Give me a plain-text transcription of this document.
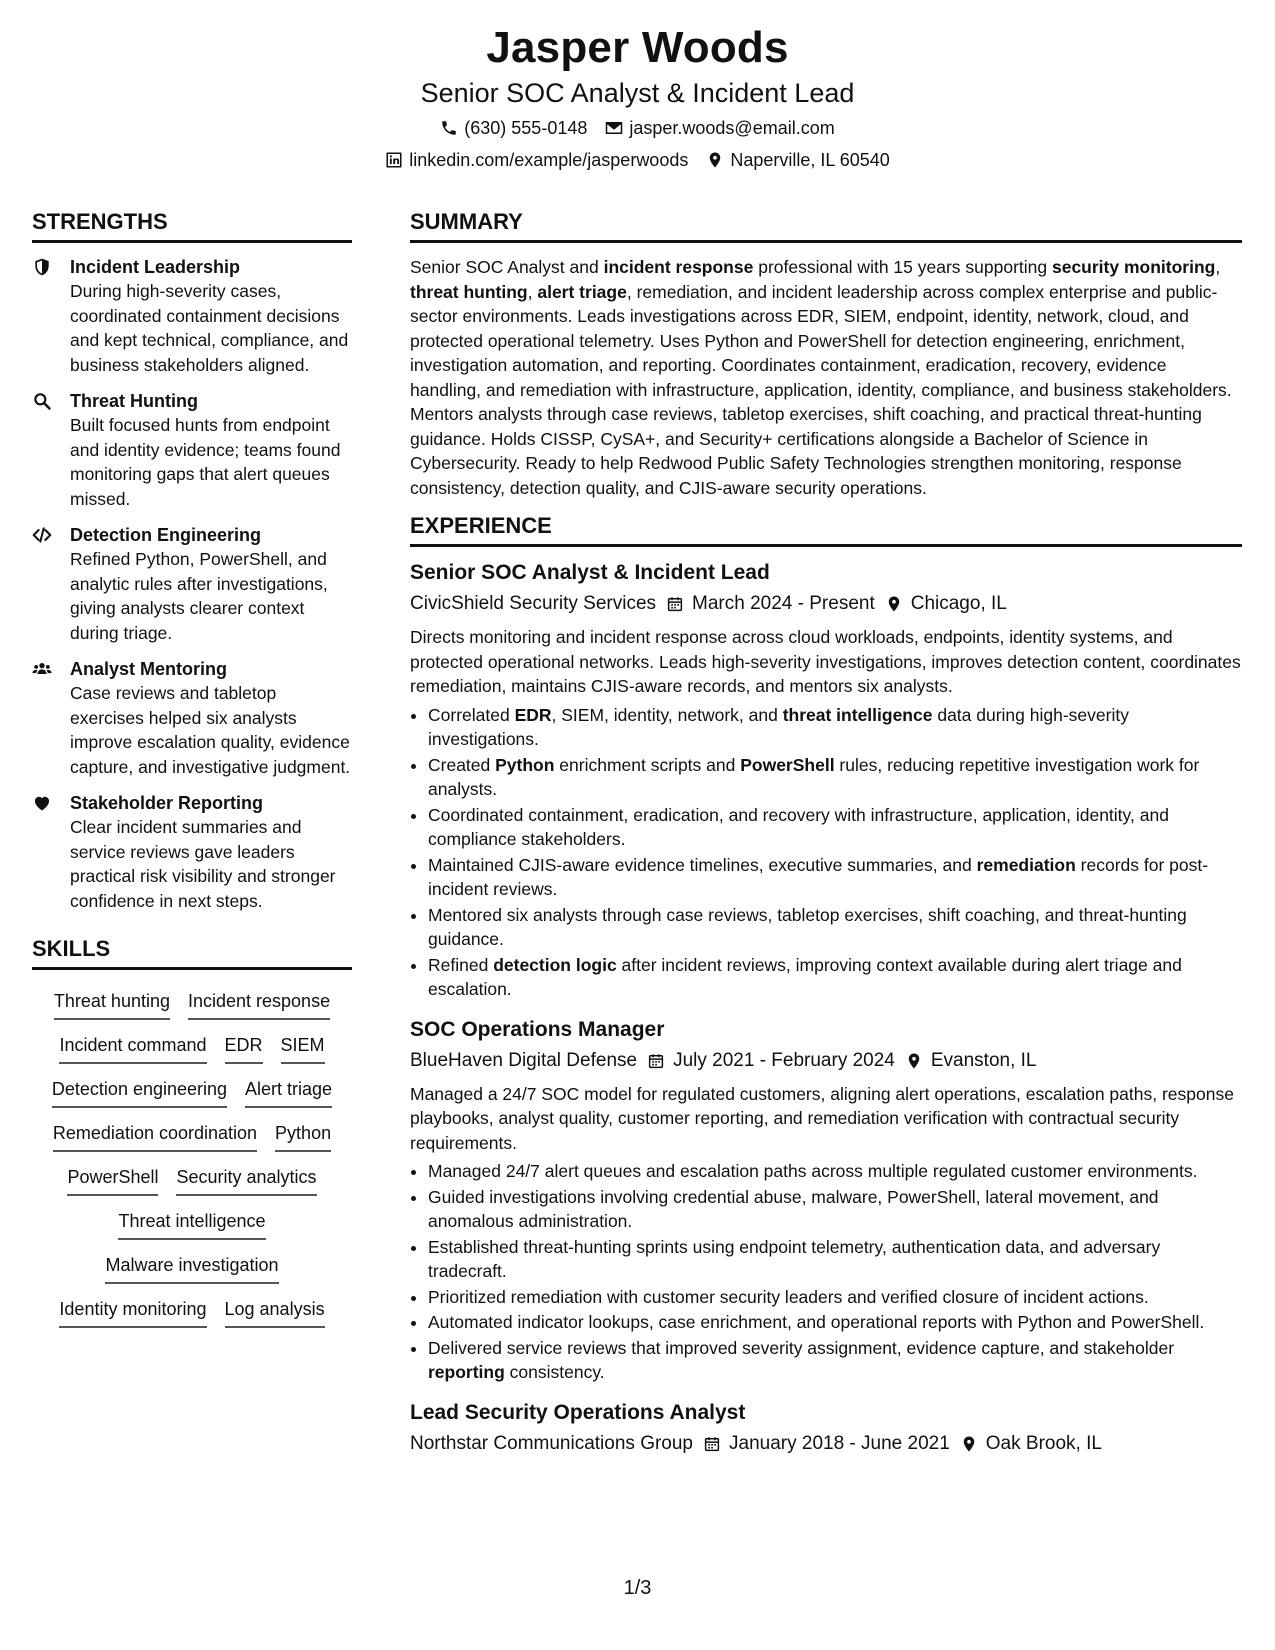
Jasper Woods
Senior SOC Analyst & Incident Lead
(630) 555-0148 jasper.woods@email.com
linkedin.com/example/jasperwoods Naperville, IL 60540
STRENGTHS
Incident Leadership
During high-severity cases, coordinated containment decisions and kept technical, compliance, and business stakeholders aligned.
Threat Hunting
Built focused hunts from endpoint and identity evidence; teams found monitoring gaps that alert queues missed.
Detection Engineering
Refined Python, PowerShell, and analytic rules after investigations, giving analysts clearer context during triage.
Analyst Mentoring
Case reviews and tabletop exercises helped six analysts improve escalation quality, evidence capture, and investigative judgment.
Stakeholder Reporting
Clear incident summaries and service reviews gave leaders practical risk visibility and stronger confidence in next steps.
SKILLS
Threat hunting Incident response
Incident command EDR SIEM
Detection engineering Alert triage
Remediation coordination Python
PowerShell Security analytics
Threat intelligence
Malware investigation
Identity monitoring Log analysis
SUMMARY

Senior SOC Analyst and incident response professional with 15 years supporting security monitoring, threat hunting, alert triage, remediation, and incident leadership across complex enterprise and public-sector environments. Leads investigations across EDR, SIEM, endpoint, identity, network, cloud, and protected operational telemetry. Uses Python and PowerShell for detection engineering, enrichment, investigation automation, and reporting. Coordinates containment, eradication, recovery, evidence handling, and remediation with infrastructure, application, identity, compliance, and business stakeholders. Mentors analysts through case reviews, tabletop exercises, shift coaching, and practical threat-hunting guidance. Holds CISSP, CySA+, and Security+ certifications alongside a Bachelor of Science in Cybersecurity. Ready to help Redwood Public Safety Technologies strengthen monitoring, response consistency, detection quality, and CJIS-aware security operations.

EXPERIENCE
Senior SOC Analyst & Incident Lead
CivicShield Security Services March 2024 - Present Chicago, IL

Directs monitoring and incident response across cloud workloads, endpoints, identity systems, and protected operational networks. Leads high-severity investigations, improves detection content, coordinates remediation, maintains CJIS-aware records, and mentors six analysts.

• Correlated EDR, SIEM, identity, network, and threat intelligence data during high-severity investigations.
• Created Python enrichment scripts and PowerShell rules, reducing repetitive investigation work for analysts.
• Coordinated containment, eradication, and recovery with infrastructure, application, identity, and compliance stakeholders.
• Maintained CJIS-aware evidence timelines, executive summaries, and remediation records for post-incident reviews.
• Mentored six analysts through case reviews, tabletop exercises, shift coaching, and threat-hunting guidance.
• Refined detection logic after incident reviews, improving context available during alert triage and escalation.
SOC Operations Manager
BlueHaven Digital Defense July 2021 - February 2024 Evanston, IL

Managed a 24/7 SOC model for regulated customers, aligning alert operations, escalation paths, response playbooks, analyst quality, customer reporting, and remediation verification with contractual security requirements.

• Managed 24/7 alert queues and escalation paths across multiple regulated customer environments.
• Guided investigations involving credential abuse, malware, PowerShell, lateral movement, and anomalous administration.
• Established threat-hunting sprints using endpoint telemetry, authentication data, and adversary tradecraft.
• Prioritized remediation with customer security leaders and verified closure of incident actions.
• Automated indicator lookups, case enrichment, and operational reports with Python and PowerShell.
• Delivered service reviews that improved severity assignment, evidence capture, and stakeholder reporting consistency.
Lead Security Operations Analyst
Northstar Communications Group January 2018 - June 2021 Oak Brook, IL
1/3
